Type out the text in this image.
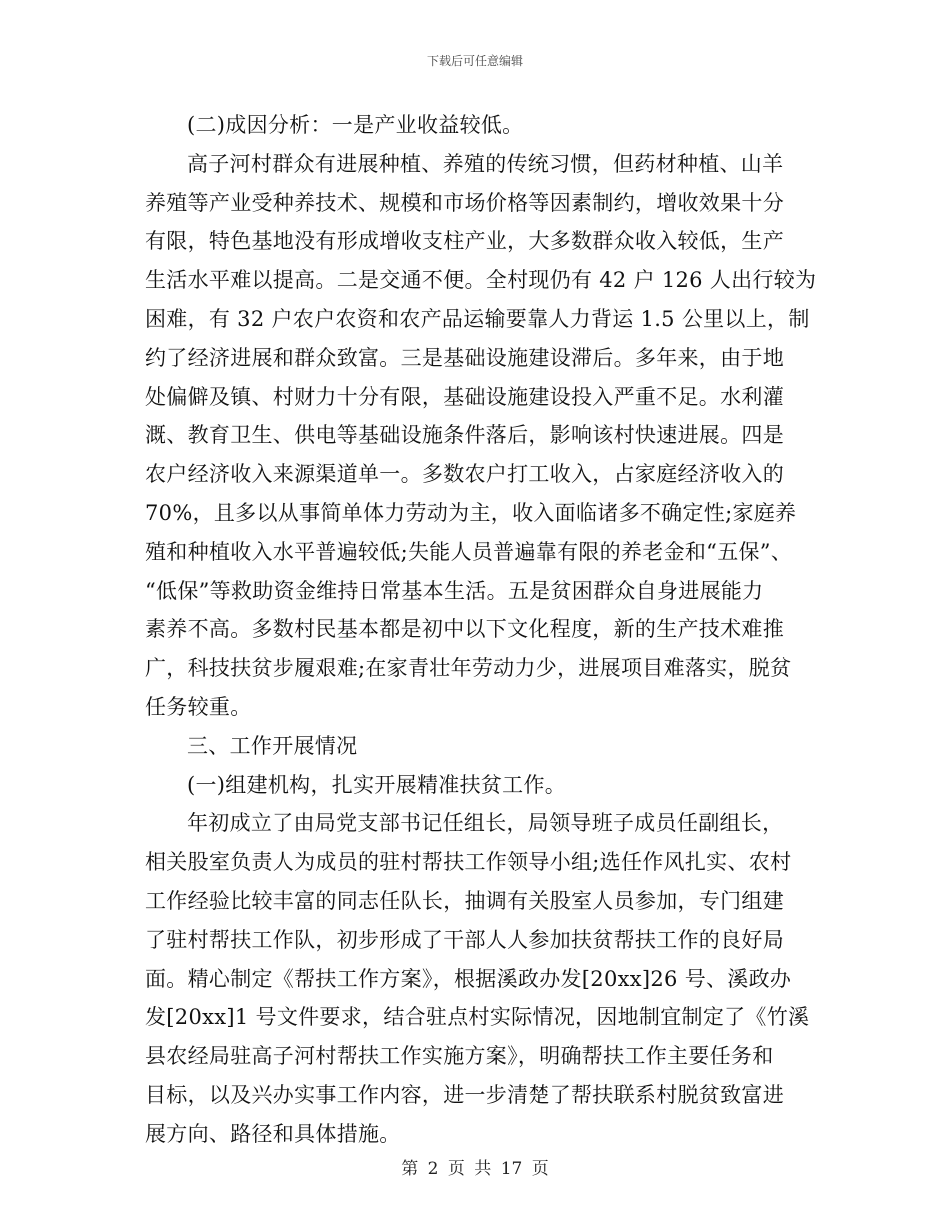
下载后可任意编辑
(二)成因分析：一是产业收益较低。
高子河村群众有进展种植、养殖的传统习惯，但药材种植、山羊
养殖等产业受种养技术、规模和市场价格等因素制约，增收效果十分
有限，特色基地没有形成增收支柱产业，大多数群众收入较低，生产
生活水平难以提高。二是交通不便。全村现仍有 42 户 126 人出行较为
困难，有 32 户农户农资和农产品运输要靠人力背运 1.5 公里以上，制
约了经济进展和群众致富。三是基础设施建设滞后。多年来，由于地
处偏僻及镇、村财力十分有限，基础设施建设投入严重不足。水利灌
溉、教育卫生、供电等基础设施条件落后，影响该村快速进展。四是
农户经济收入来源渠道单一。多数农户打工收入，占家庭经济收入的
70%，且多以从事简单体力劳动为主，收入面临诸多不确定性;家庭养
殖和种植收入水平普遍较低;失能人员普遍靠有限的养老金和“五保”、
“低保”等救助资金维持日常基本生活。五是贫困群众自身进展能力
素养不高。多数村民基本都是初中以下文化程度，新的生产技术难推
广，科技扶贫步履艰难;在家青壮年劳动力少，进展项目难落实，脱贫
任务较重。
三、工作开展情况
(一)组建机构，扎实开展精准扶贫工作。
年初成立了由局党支部书记任组长，局领导班子成员任副组长，
相关股室负责人为成员的驻村帮扶工作领导小组;选任作风扎实、农村
工作经验比较丰富的同志任队长，抽调有关股室人员参加，专门组建
了驻村帮扶工作队，初步形成了干部人人参加扶贫帮扶工作的良好局
面。精心制定《帮扶工作方案》，根据溪政办发[20xx]26 号、溪政办
发[20xx]1 号文件要求，结合驻点村实际情况，因地制宜制定了《竹溪
县农经局驻高子河村帮扶工作实施方案》，明确帮扶工作主要任务和
目标，以及兴办实事工作内容，进一步清楚了帮扶联系村脱贫致富进
展方向、路径和具体措施。
第 2 页 共 17 页
